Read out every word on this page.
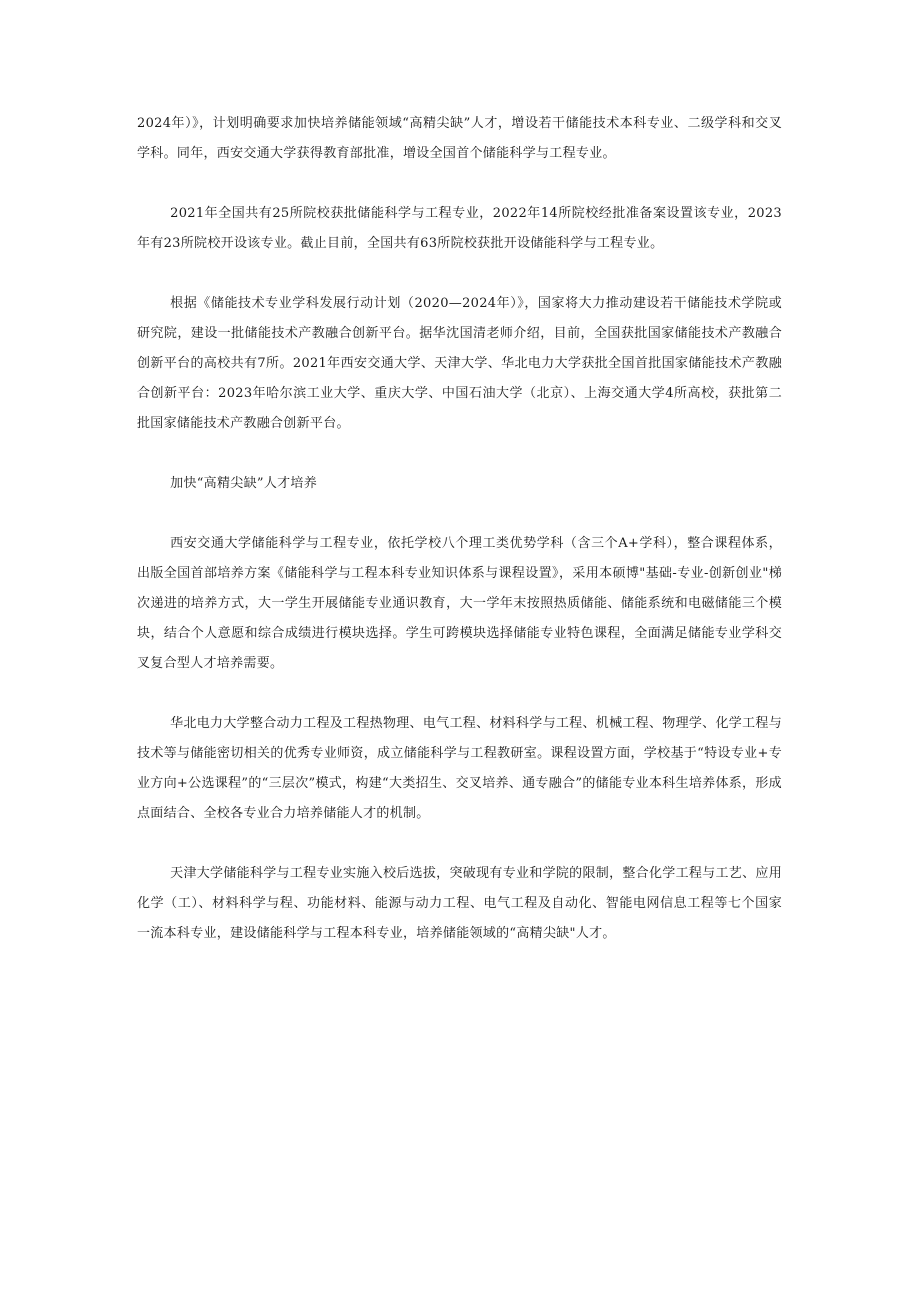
2024年）》，计划明确要求加快培养储能领域“高精尖缺”人才，增设若干储能技术本科专业、二级学科和交叉学科。同年，西安交通大学获得教育部批准，增设全国首个储能科学与工程专业。

2021年全国共有25所院校获批储能科学与工程专业，2022年14所院校经批准备案设置该专业，2023年有23所院校开设该专业。截止目前，全国共有63所院校获批开设储能科学与工程专业。

根据《储能技术专业学科发展行动计划（2020—2024年）》，国家将大力推动建设若干储能技术学院或研究院，建设一批储能技术产教融合创新平台。据华沈国清老师介绍，目前，全国获批国家储能技术产教融合创新平台的高校共有7所。2021年西安交通大学、天津大学、华北电力大学获批全国首批国家储能技术产教融合创新平台：2023年哈尔滨工业大学、重庆大学、中国石油大学（北京）、上海交通大学4所高校，获批第二批国家储能技术产教融合创新平台。

加快“高精尖缺”人才培养

西安交通大学储能科学与工程专业，依托学校八个理工类优势学科（含三个A+学科），整合课程体系，出版全国首部培养方案《储能科学与工程本科专业知识体系与课程设置》，采用本硕博"基础-专业-创新创业"梯次递进的培养方式，大一学生开展储能专业通识教育，大一学年末按照热质储能、储能系统和电磁储能三个模块，结合个人意愿和综合成绩进行模块选择。学生可跨模块选择储能专业特色课程，全面满足储能专业学科交叉复合型人才培养需要。

华北电力大学整合动力工程及工程热物理、电气工程、材料科学与工程、机械工程、物理学、化学工程与技术等与储能密切相关的优秀专业师资，成立储能科学与工程教研室。课程设置方面，学校基于“特设专业+专业方向+公选课程”的“三层次”模式，构建“大类招生、交叉培养、通专融合”的储能专业本科生培养体系，形成点面结合、全校各专业合力培养储能人才的机制。

天津大学储能科学与工程专业实施入校后选拔，突破现有专业和学院的限制，整合化学工程与工艺、应用化学（工）、材料科学与程、功能材料、能源与动力工程、电气工程及自动化、智能电网信息工程等七个国家一流本科专业，建设储能科学与工程本科专业，培养储能领域的“高精尖缺"人才。
